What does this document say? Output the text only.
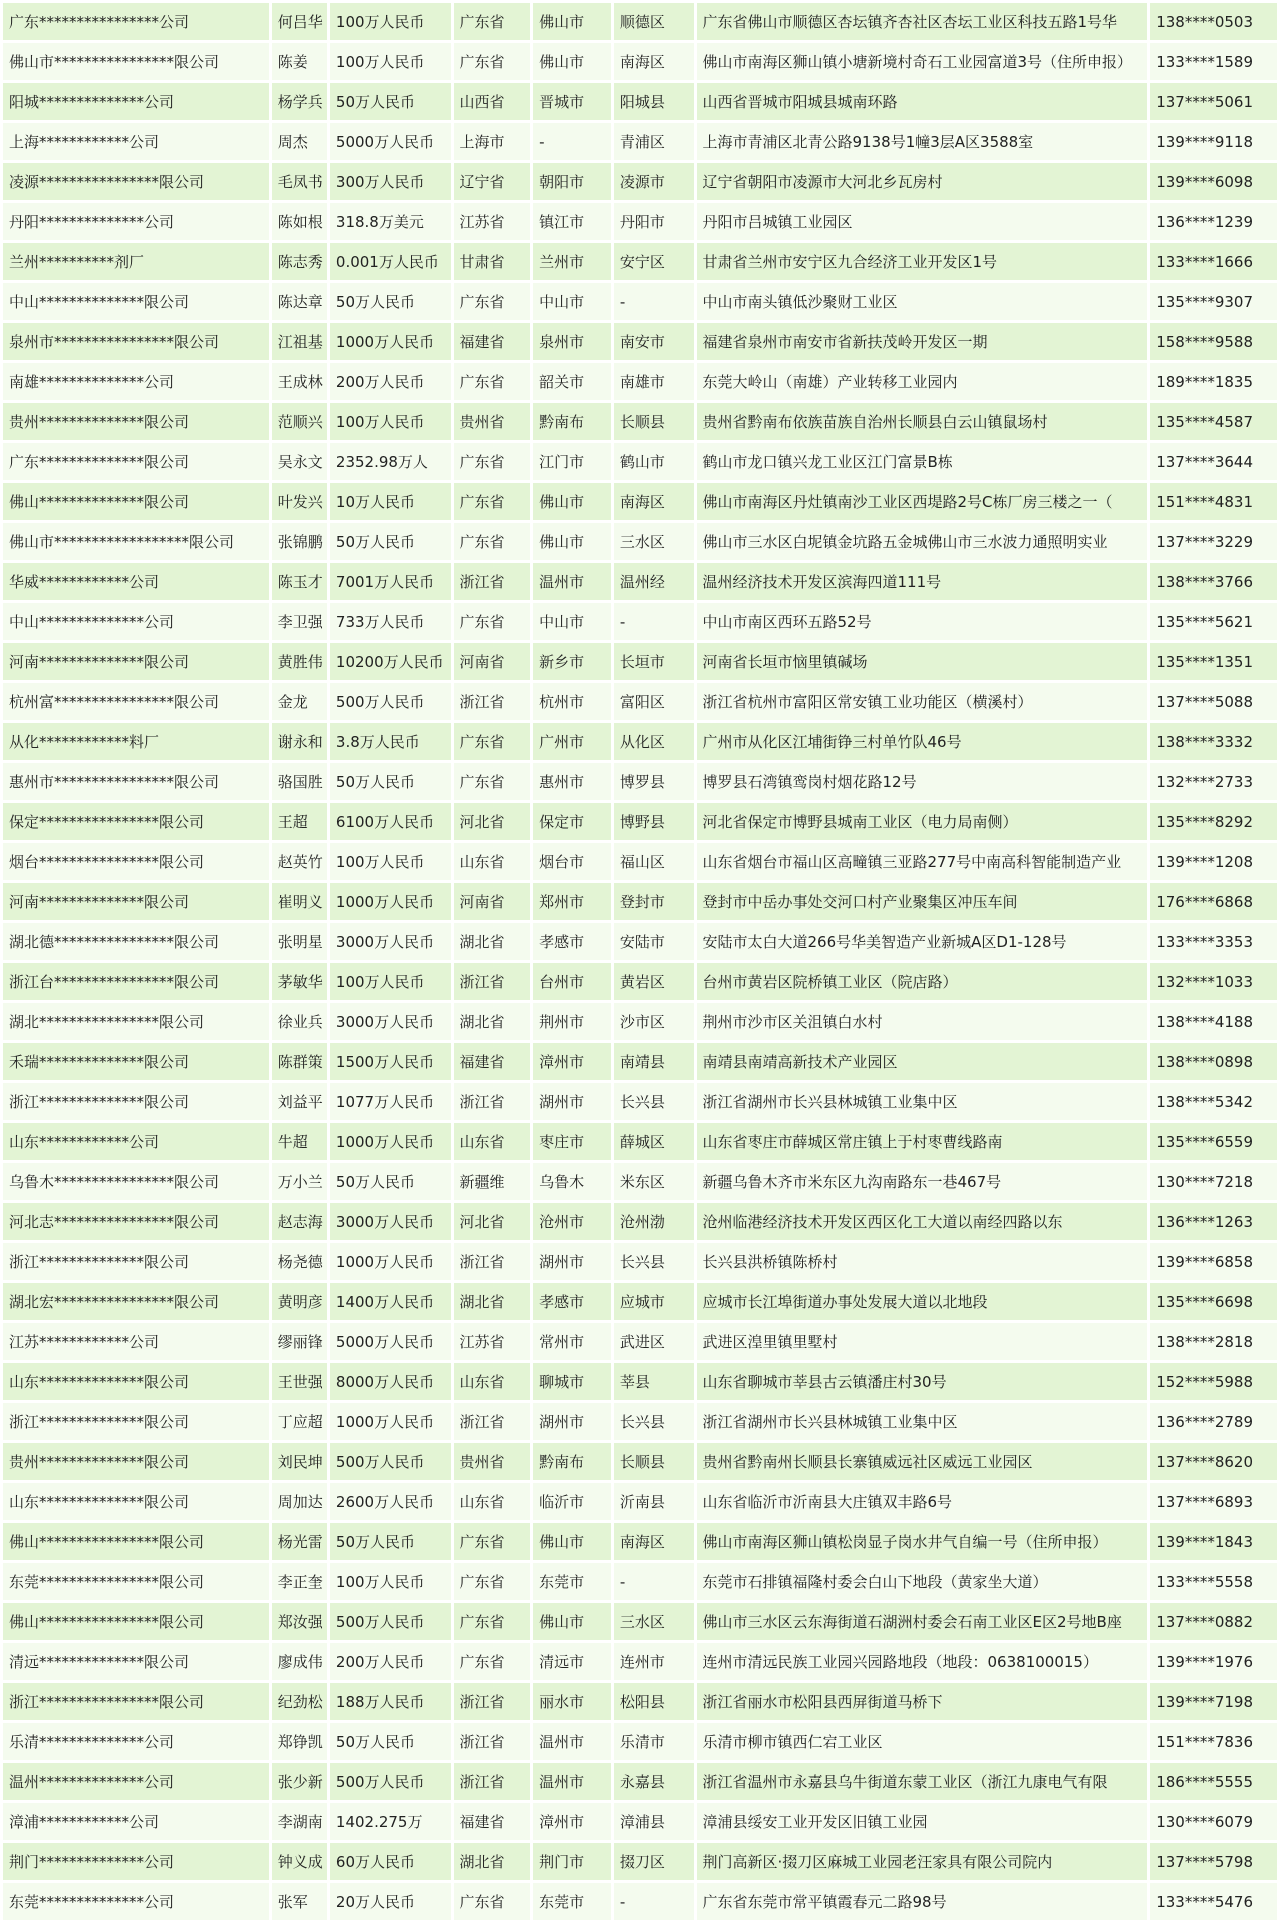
广东****************公司	何吕华	100万人民币	广东省	佛山市	顺德区	广东省佛山市顺德区杏坛镇齐杏社区杏坛工业区科技五路1号华	138****0503
佛山市****************限公司	陈姜	100万人民币	广东省	佛山市	南海区	佛山市南海区狮山镇小塘新境村奇石工业园富道3号（住所申报）	133****1589
阳城**************公司	杨学兵	50万人民币	山西省	晋城市	阳城县	山西省晋城市阳城县城南环路	137****5061
上海************公司	周杰	5000万人民币	上海市	-	青浦区	上海市青浦区北青公路9138号1幢3层A区3588室	139****9118
凌源****************限公司	毛凤书	300万人民币	辽宁省	朝阳市	凌源市	辽宁省朝阳市凌源市大河北乡瓦房村	139****6098
丹阳**************公司	陈如根	318.8万美元	江苏省	镇江市	丹阳市	丹阳市吕城镇工业园区	136****1239
兰州**********剂厂	陈志秀	0.001万人民币	甘肃省	兰州市	安宁区	甘肃省兰州市安宁区九合经济工业开发区1号	133****1666
中山**************限公司	陈达章	50万人民币	广东省	中山市	-	中山市南头镇低沙聚财工业区	135****9307
泉州市****************限公司	江祖基	1000万人民币	福建省	泉州市	南安市	福建省泉州市南安市省新扶茂岭开发区一期	158****9588
南雄**************公司	王成林	200万人民币	广东省	韶关市	南雄市	东莞大岭山（南雄）产业转移工业园内	189****1835
贵州**************限公司	范顺兴	100万人民币	贵州省	黔南布	长顺县	贵州省黔南布依族苗族自治州长顺县白云山镇鼠场村	135****4587
广东**************限公司	吴永文	2352.98万人	广东省	江门市	鹤山市	鹤山市龙口镇兴龙工业区江门富景B栋	137****3644
佛山**************限公司	叶发兴	10万人民币	广东省	佛山市	南海区	佛山市南海区丹灶镇南沙工业区西堤路2号C栋厂房三楼之一（	151****4831
佛山市******************限公司	张锦鹏	50万人民币	广东省	佛山市	三水区	佛山市三水区白坭镇金坑路五金城佛山市三水波力通照明实业	137****3229
华威************公司	陈玉才	7001万人民币	浙江省	温州市	温州经	温州经济技术开发区滨海四道111号	138****3766
中山**************公司	李卫强	733万人民币	广东省	中山市	-	中山市南区西环五路52号	135****5621
河南**************限公司	黄胜伟	10200万人民币	河南省	新乡市	长垣市	河南省长垣市恼里镇碱场	135****1351
杭州富****************限公司	金龙	500万人民币	浙江省	杭州市	富阳区	浙江省杭州市富阳区常安镇工业功能区（横溪村）	137****5088
从化************料厂	谢永和	3.8万人民币	广东省	广州市	从化区	广州市从化区江埔街铮三村单竹队46号	138****3332
惠州市****************限公司	骆国胜	50万人民币	广东省	惠州市	博罗县	博罗县石湾镇鸾岗村烟花路12号	132****2733
保定****************限公司	王超	6100万人民币	河北省	保定市	博野县	河北省保定市博野县城南工业区（电力局南侧）	135****8292
烟台****************限公司	赵英竹	100万人民币	山东省	烟台市	福山区	山东省烟台市福山区高疃镇三亚路277号中南高科智能制造产业	139****1208
河南**************限公司	崔明义	1000万人民币	河南省	郑州市	登封市	登封市中岳办事处交河口村产业聚集区冲压车间	176****6868
湖北德****************限公司	张明星	3000万人民币	湖北省	孝感市	安陆市	安陆市太白大道266号华美智造产业新城A区D1-128号	133****3353
浙江台****************限公司	茅敏华	100万人民币	浙江省	台州市	黄岩区	台州市黄岩区院桥镇工业区（院店路）	132****1033
湖北****************限公司	徐业兵	3000万人民币	湖北省	荆州市	沙市区	荆州市沙市区关沮镇白水村	138****4188
禾瑞**************限公司	陈群策	1500万人民币	福建省	漳州市	南靖县	南靖县南靖高新技术产业园区	138****0898
浙江**************限公司	刘益平	1077万人民币	浙江省	湖州市	长兴县	浙江省湖州市长兴县林城镇工业集中区	138****5342
山东************公司	牛超	1000万人民币	山东省	枣庄市	薛城区	山东省枣庄市薛城区常庄镇上于村枣曹线路南	135****6559
乌鲁木****************限公司	万小兰	50万人民币	新疆维	乌鲁木	米东区	新疆乌鲁木齐市米东区九沟南路东一巷467号	130****7218
河北志****************限公司	赵志海	3000万人民币	河北省	沧州市	沧州渤	沧州临港经济技术开发区西区化工大道以南经四路以东	136****1263
浙江**************限公司	杨尧德	1000万人民币	浙江省	湖州市	长兴县	长兴县洪桥镇陈桥村	139****6858
湖北宏****************限公司	黄明彦	1400万人民币	湖北省	孝感市	应城市	应城市长江埠街道办事处发展大道以北地段	135****6698
江苏************公司	缪丽锋	5000万人民币	江苏省	常州市	武进区	武进区湟里镇里墅村	138****2818
山东**************限公司	王世强	8000万人民币	山东省	聊城市	莘县	山东省聊城市莘县古云镇潘庄村30号	152****5988
浙江**************限公司	丁应超	1000万人民币	浙江省	湖州市	长兴县	浙江省湖州市长兴县林城镇工业集中区	136****2789
贵州**************限公司	刘民坤	500万人民币	贵州省	黔南布	长顺县	贵州省黔南州长顺县长寨镇威远社区威远工业园区	137****8620
山东**************限公司	周加达	2600万人民币	山东省	临沂市	沂南县	山东省临沂市沂南县大庄镇双丰路6号	137****6893
佛山****************限公司	杨光雷	50万人民币	广东省	佛山市	南海区	佛山市南海区狮山镇松岗显子岗水井气自编一号（住所申报）	139****1843
东莞****************限公司	李正奎	100万人民币	广东省	东莞市	-	东莞市石排镇福隆村委会白山下地段（黄家坐大道）	133****5558
佛山****************限公司	郑汝强	500万人民币	广东省	佛山市	三水区	佛山市三水区云东海街道石湖洲村委会石南工业区E区2号地B座	137****0882
清远**************限公司	廖成伟	200万人民币	广东省	清远市	连州市	连州市清远民族工业园兴园路地段（地段：0638100015）	139****1976
浙江****************限公司	纪劲松	188万人民币	浙江省	丽水市	松阳县	浙江省丽水市松阳县西屏街道马桥下	139****7198
乐清**************公司	郑铮凯	50万人民币	浙江省	温州市	乐清市	乐清市柳市镇西仁宕工业区	151****7836
温州**************公司	张少新	500万人民币	浙江省	温州市	永嘉县	浙江省温州市永嘉县乌牛街道东蒙工业区（浙江九康电气有限	186****5555
漳浦************公司	李湖南	1402.275万	福建省	漳州市	漳浦县	漳浦县绥安工业开发区旧镇工业园	130****6079
荆门**************公司	钟义成	60万人民币	湖北省	荆门市	掇刀区	荆门高新区·掇刀区麻城工业园老汪家具有限公司院内	137****5798
东莞**************公司	张军	20万人民币	广东省	东莞市	-	广东省东莞市常平镇霞春元二路98号	133****5476
